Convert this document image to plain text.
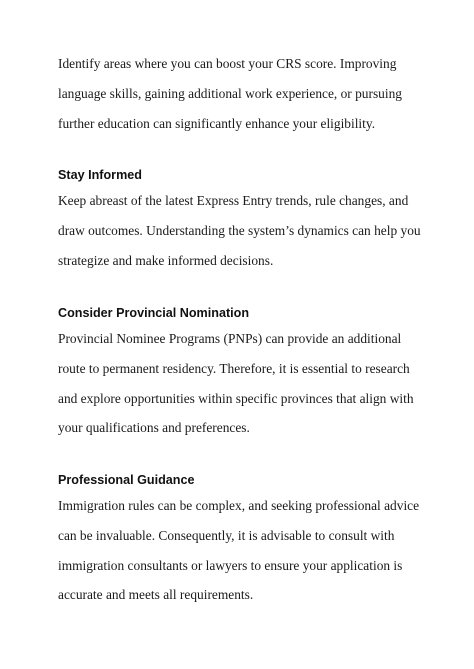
Identify areas where you can boost your CRS score. Improving
language skills, gaining additional work experience, or pursuing
further education can significantly enhance your eligibility.
Stay Informed
Keep abreast of the latest Express Entry trends, rule changes, and
draw outcomes. Understanding the system’s dynamics can help you
strategize and make informed decisions.
Consider Provincial Nomination
Provincial Nominee Programs (PNPs) can provide an additional
route to permanent residency. Therefore, it is essential to research
and explore opportunities within specific provinces that align with
your qualifications and preferences.
Professional Guidance
Immigration rules can be complex, and seeking professional advice
can be invaluable. Consequently, it is advisable to consult with
immigration consultants or lawyers to ensure your application is
accurate and meets all requirements.
